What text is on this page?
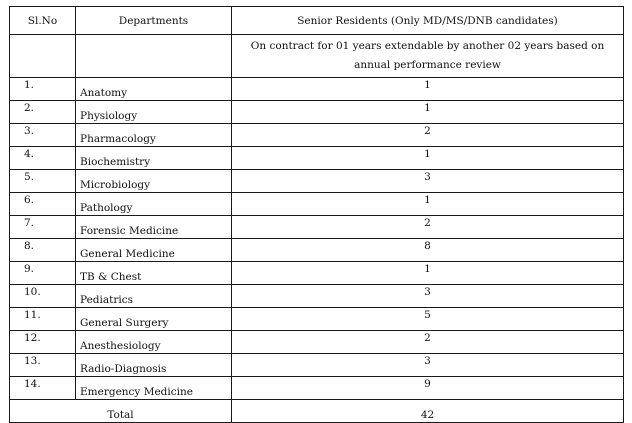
Sl.No	Departments	Senior Residents (Only MD/MS/DNB candidates)
		On contract for 01 years extendable by another 02 years based on annual performance review
1.	Anatomy	1
2.	Physiology	1
3.	Pharmacology	2
4.	Biochemistry	1
5.	Microbiology	3
6.	Pathology	1
7.	Forensic Medicine	2
8.	General Medicine	8
9.	TB & Chest	1
10.	Pediatrics	3
11.	General Surgery	5
12.	Anesthesiology	2
13.	Radio-Diagnosis	3
14.	Emergency Medicine	9
Total		42
